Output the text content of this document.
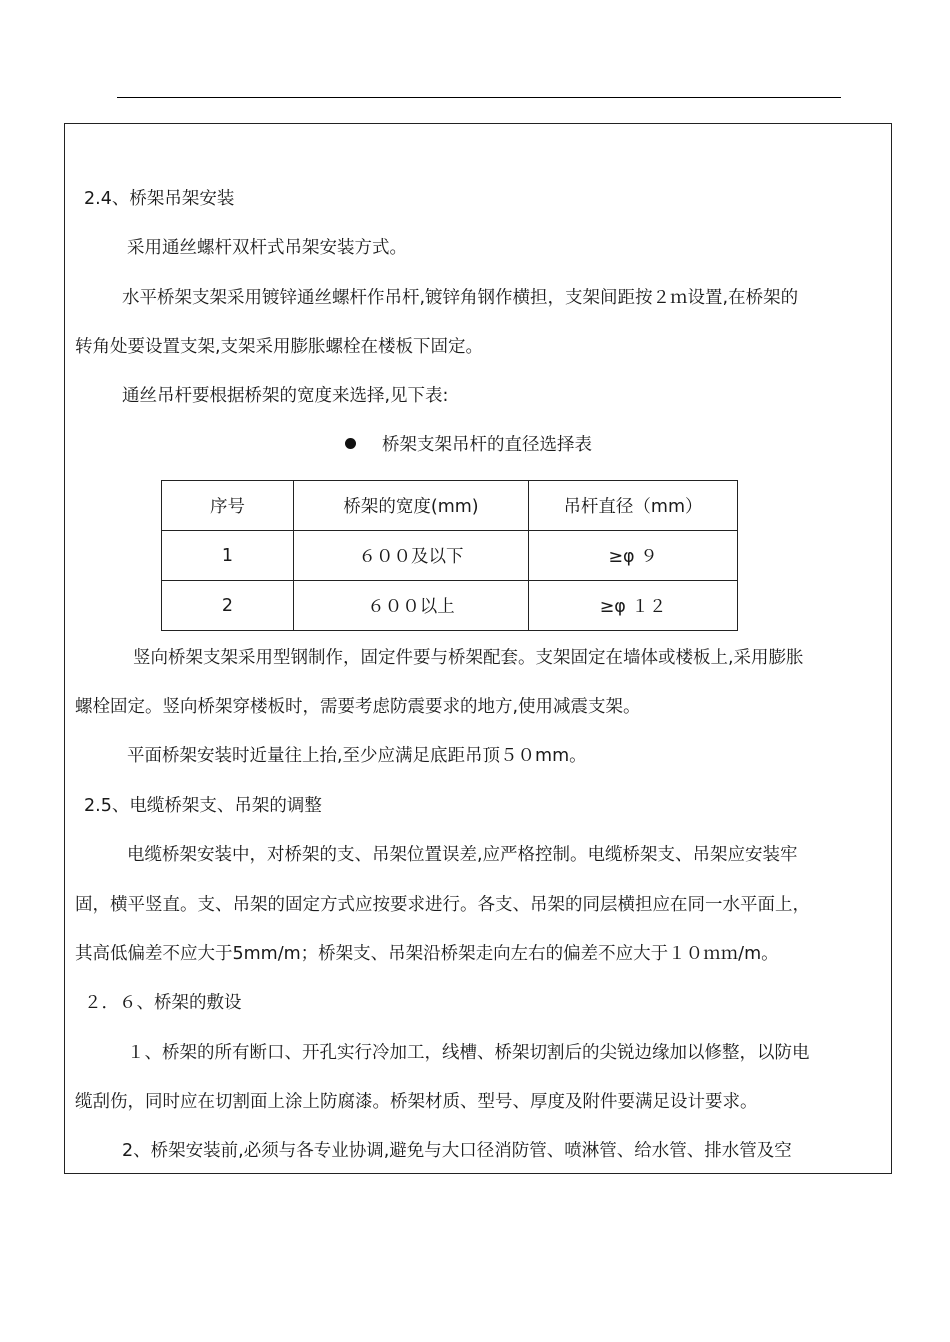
2.4、桥架吊架安装

采用通丝螺杆双杆式吊架安装方式。

水平桥架支架采用镀锌通丝螺杆作吊杆,镀锌角钢作横担，支架间距按２ｍ设置,在桥架的

转角处要设置支架,支架采用膨胀螺栓在楼板下固定。

通丝吊杆要根据桥架的宽度来选择,见下表:

桥架支架吊杆的直径选择表
序号	桥架的宽度(mm)	吊杆直径（mm）
1	６００及以下	≥φ ９
2	６００以上	≥φ １２

竖向桥架支架采用型钢制作，固定件要与桥架配套。支架固定在墙体或楼板上,采用膨胀

螺栓固定。竖向桥架穿楼板时，需要考虑防震要求的地方,使用减震支架。

平面桥架安装时近量往上抬,至少应满足底距吊顶５０mm。

2.5、电缆桥架支、吊架的调整

电缆桥架安装中，对桥架的支、吊架位置误差,应严格控制。电缆桥架支、吊架应安装牢

固，横平竖直。支、吊架的固定方式应按要求进行。各支、吊架的同层横担应在同一水平面上，

其高低偏差不应大于5mm/m；桥架支、吊架沿桥架走向左右的偏差不应大于１０ｍｍ/m。

２．６、桥架的敷设

１、桥架的所有断口、开孔实行冷加工，线槽、桥架切割后的尖锐边缘加以修整，以防电

缆刮伤，同时应在切割面上涂上防腐漆。桥架材质、型号、厚度及附件要满足设计要求。

2、桥架安装前,必须与各专业协调,避免与大口径消防管、喷淋管、给水管、排水管及空
